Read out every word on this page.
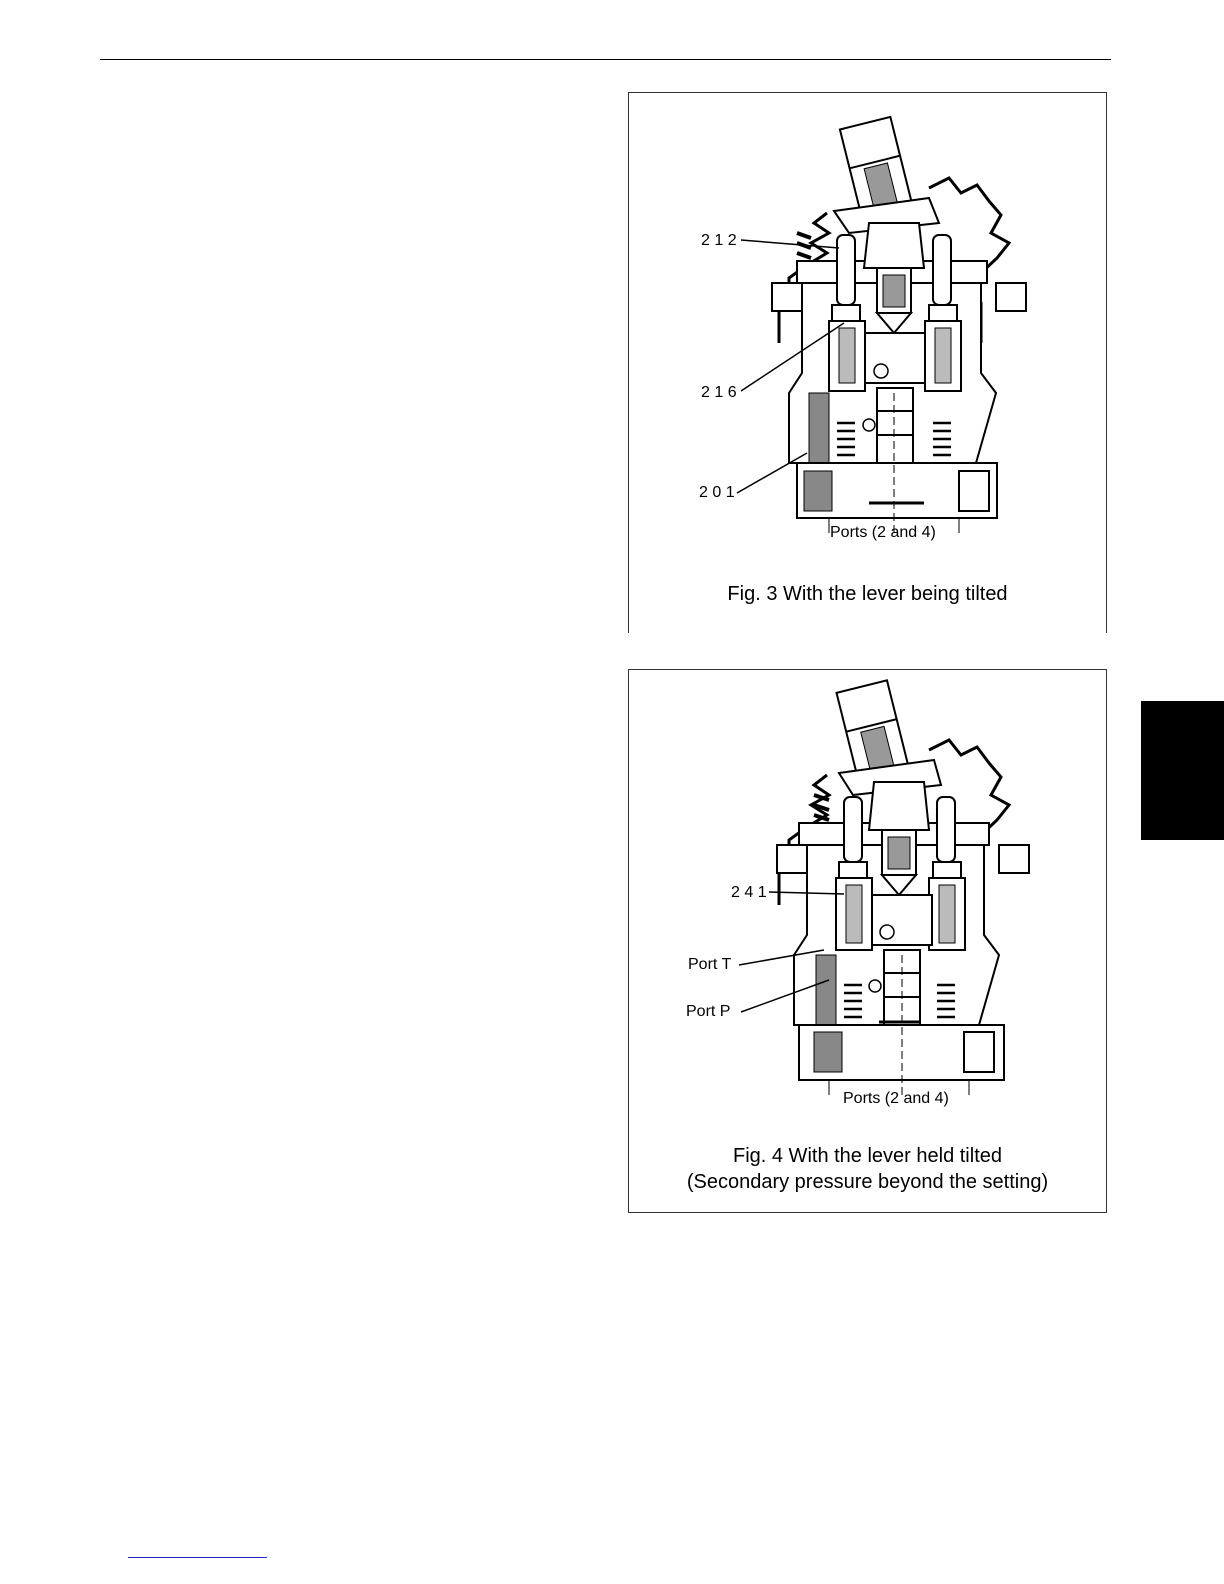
2 1 2
2 1 6
2 0 1
Ports (2 and 4)
Fig. 3 With the lever being tilted
2 4 1
Port T
Port P
Ports (2 and 4)
Fig. 4 With the lever held tilted
(Secondary pressure beyond the setting)
